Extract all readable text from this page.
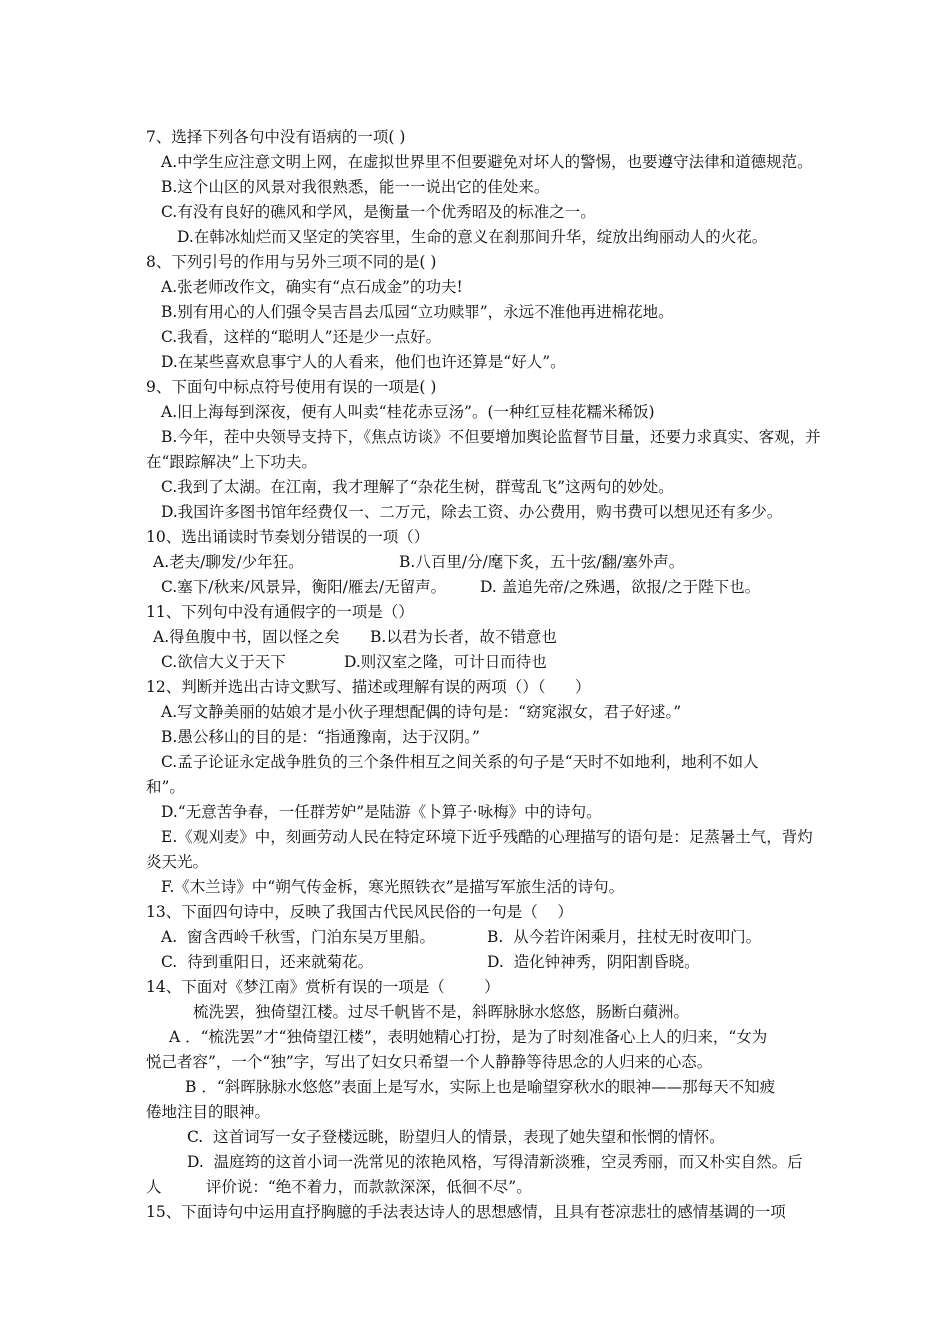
7、选择下列各句中没有语病的一项( )
A.中学生应注意文明上网，在虚拟世界里不但要避免对坏人的警惕，也要遵守法律和道德规范。
B.这个山区的风景对我很熟悉，能一一说出它的佳处来。
C.有没有良好的礁风和学风，是衡量一个优秀昭及的标准之一。
D.在韩冰灿烂而又坚定的笑容里，生命的意义在刹那间升华，绽放出绚丽动人的火花。
8、下列引号的作用与另外三项不同的是( )
A.张老师改作文，确实有“点石成金”的功夫!
B.别有用心的人们强令吴吉昌去瓜园“立功赎罪”，永远不准他再进棉花地。
C.我看，这样的“聪明人”还是少一点好。
D.在某些喜欢息事宁人的人看来，他们也许还算是“好人”。
9、下面句中标点符号使用有误的一项是( )
A.旧上海每到深夜，便有人叫卖“桂花赤豆汤”。(一种红豆桂花糯米稀饭)
B.今年，茬中央领导支持下，《焦点访谈》不但要增加舆论监督节目量，还要力求真实、客观，并
在“跟踪解决”上下功夫。
C.我到了太湖。在江南，我才理解了“杂花生树，群莺乱飞”这两句的妙处。
D.我国许多图书馆年经费仅一、二万元，除去工资、办公费用，购书费可以想见还有多少。
10、选出诵读时节奏划分错误的一项（）
A.老夫/聊发/少年狂。	B.八百里/分/麾下炙，五十弦/翻/塞外声。
C.塞下/秋来/风景异，衡阳/雁去/无留声。 D. 盖追先帝/之殊遇，欲报/之于陛下也。
11、下列句中没有通假字的一项是（）
A.得鱼腹中书，固以怪之矣 B.以君为长者，故不错意也
C.欲信大义于天下	D.则汉室之隆，可计日而待也
12、判断并选出古诗文默写、描述或理解有误的两项（）（      ）
A.写文静美丽的姑娘才是小伙子理想配偶的诗句是：“窈窕淑女，君子好逑。”
B.愚公移山的目的是：“指通豫南，达于汉阴。”
C.孟子论证永定战争胜负的三个条件相互之间关系的句子是“天时不如地利，地利不如人
和”。
D.“无意苦争春，一任群芳妒”是陆游《卜算子·咏梅》中的诗句。
E.《观刈麦》中，刻画劳动人民在特定环境下近乎残酷的心理描写的语句是：足蒸暑土气，背灼
炎天光。
F.《木兰诗》中“朔气传金柝，寒光照铁衣”是描写军旅生活的诗句。
13、下面四句诗中，反映了我国古代民风民俗的一句是（    ）
A.  窗含西岭千秋雪，门泊东吴万里船。	B.  从今若许闲乘月，拄杖无时夜叩门。
C.  待到重阳日，还来就菊花。	D.  造化钟神秀，阴阳割昏晓。
14、下面对《梦江南》赏析有误的一项是（        ）
梳洗罢，独倚望江楼。过尽千帆皆不是，斜晖脉脉水悠悠，肠断白蘋洲。
A ．“梳洗罢”才“独倚望江楼”，表明她精心打扮，是为了时刻准备心上人的归来，“女为
悦己者容”，一个“独”字，写出了妇女只希望一个人静静等待思念的人归来的心态。
B ．“斜晖脉脉水悠悠”表面上是写水，实际上也是喻望穿秋水的眼神——那每天不知疲
倦地注目的眼神。
C.  这首词写一女子登楼远眺，盼望归人的情景，表现了她失望和怅惘的情怀。
D.  温庭筠的这首小词一洗常见的浓艳风格，写得清新淡雅，空灵秀丽，而又朴实自然。后
人         评价说：“绝不着力，而款款深深，低徊不尽”。
15、下面诗句中运用直抒胸臆的手法表达诗人的思想感情，且具有苍凉悲壮的感情基调的一项
